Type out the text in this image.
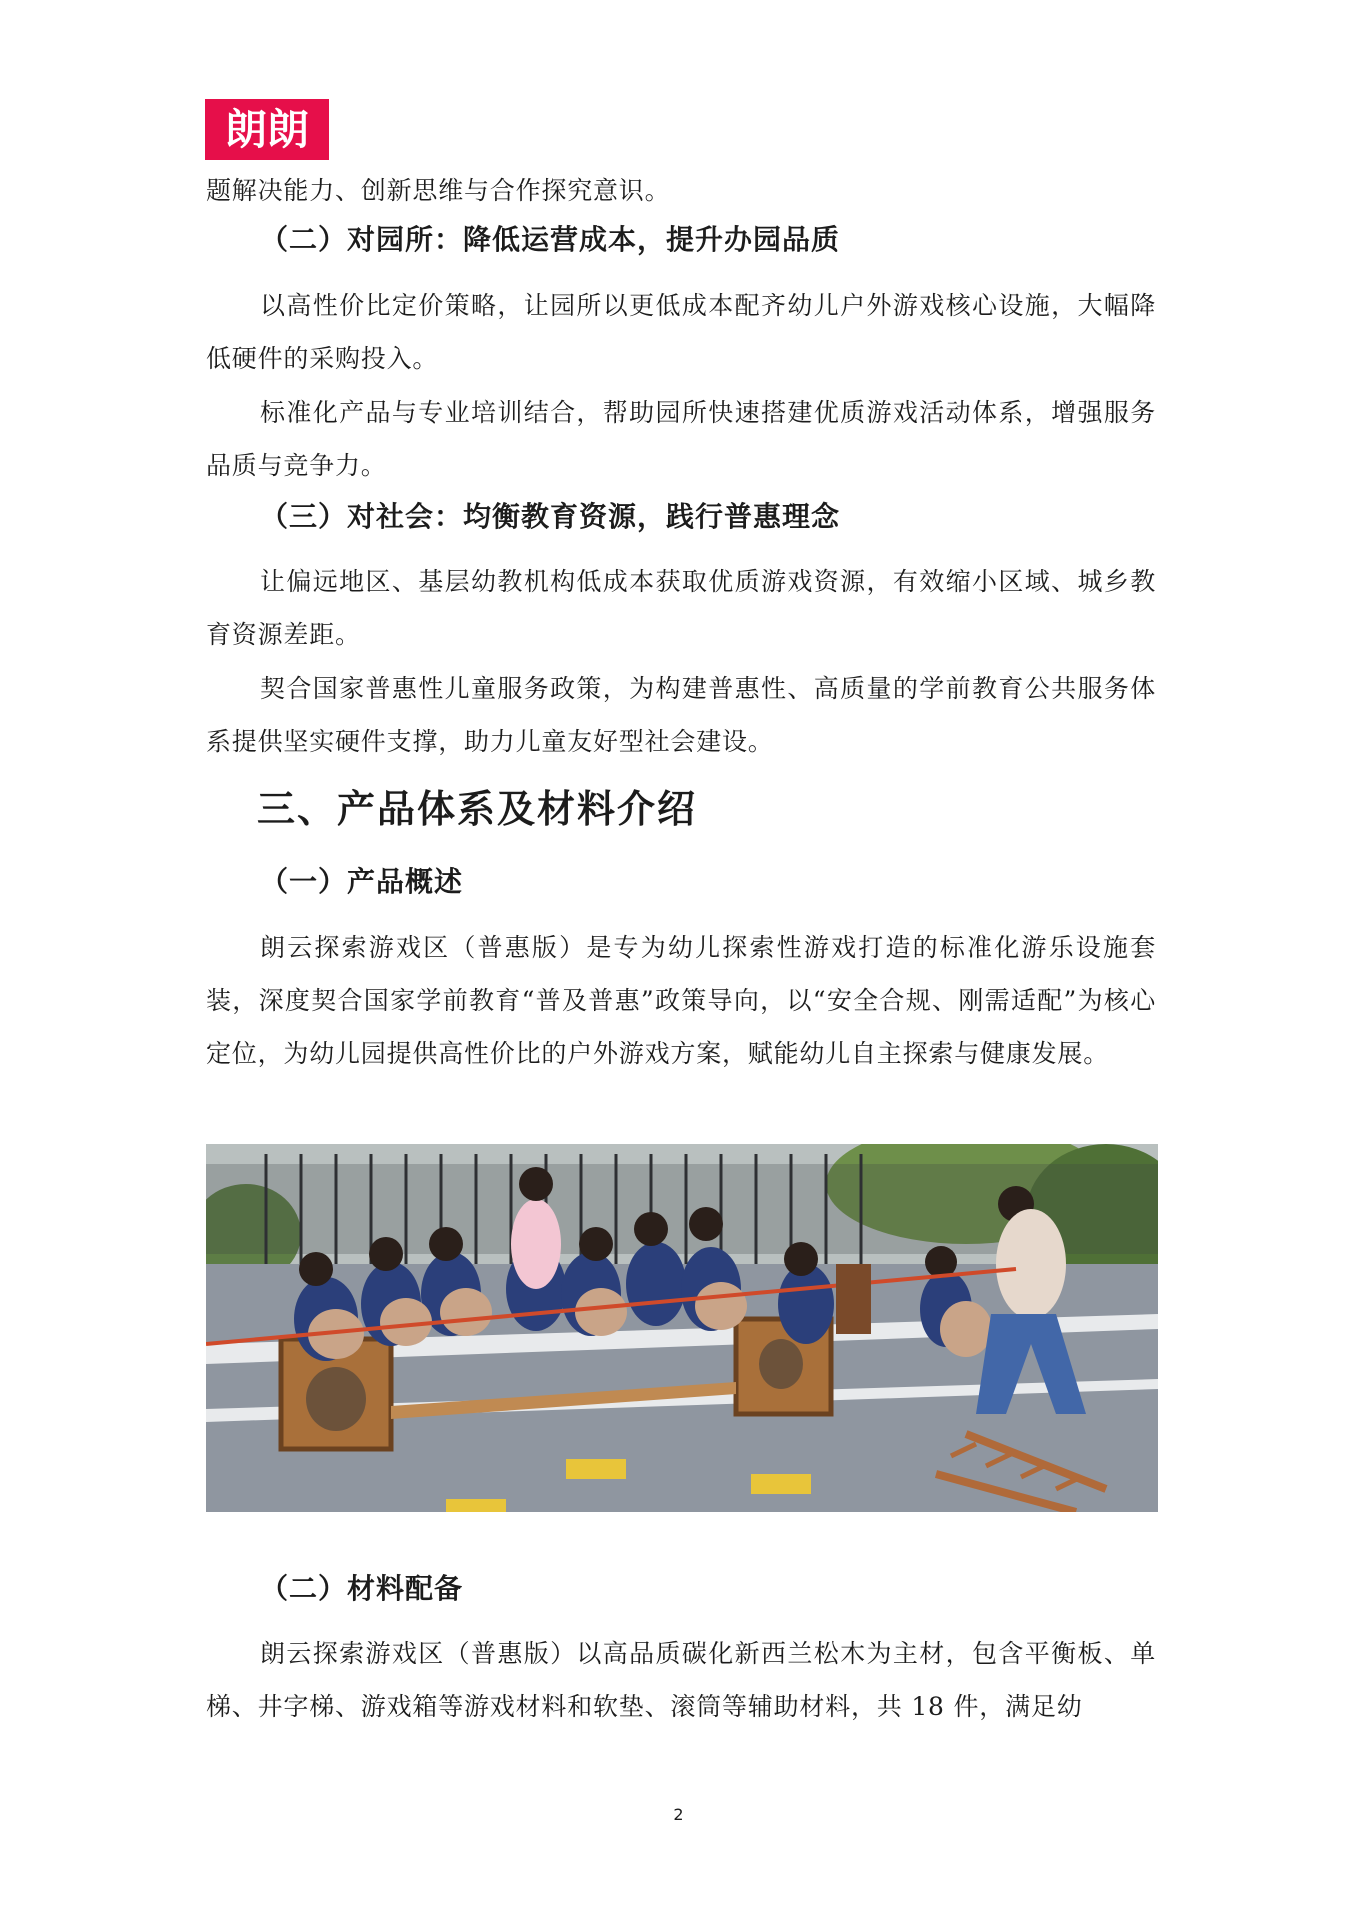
朗朗

题解决能力、创新思维与合作探究意识。

（二）对园所：降低运营成本，提升办园品质

以高性价比定价策略，让园所以更低成本配齐幼儿户外游戏核心设施，大幅降低硬件的采购投入。

标准化产品与专业培训结合，帮助园所快速搭建优质游戏活动体系，增强服务品质与竞争力。

（三）对社会：均衡教育资源，践行普惠理念

让偏远地区、基层幼教机构低成本获取优质游戏资源，有效缩小区域、城乡教育资源差距。

契合国家普惠性儿童服务政策，为构建普惠性、高质量的学前教育公共服务体系提供坚实硬件支撑，助力儿童友好型社会建设。

三、产品体系及材料介绍
（一）产品概述

朗云探索游戏区（普惠版）是专为幼儿探索性游戏打造的标准化游乐设施套装，深度契合国家学前教育“普及普惠”政策导向，以“安全合规、刚需适配”为核心定位，为幼儿园提供高性价比的户外游戏方案，赋能幼儿自主探索与健康发展。

（二）材料配备

朗云探索游戏区（普惠版）以高品质碳化新西兰松木为主材，包含平衡板、单梯、井字梯、游戏箱等游戏材料和软垫、滚筒等辅助材料，共 18 件，满足幼

2
